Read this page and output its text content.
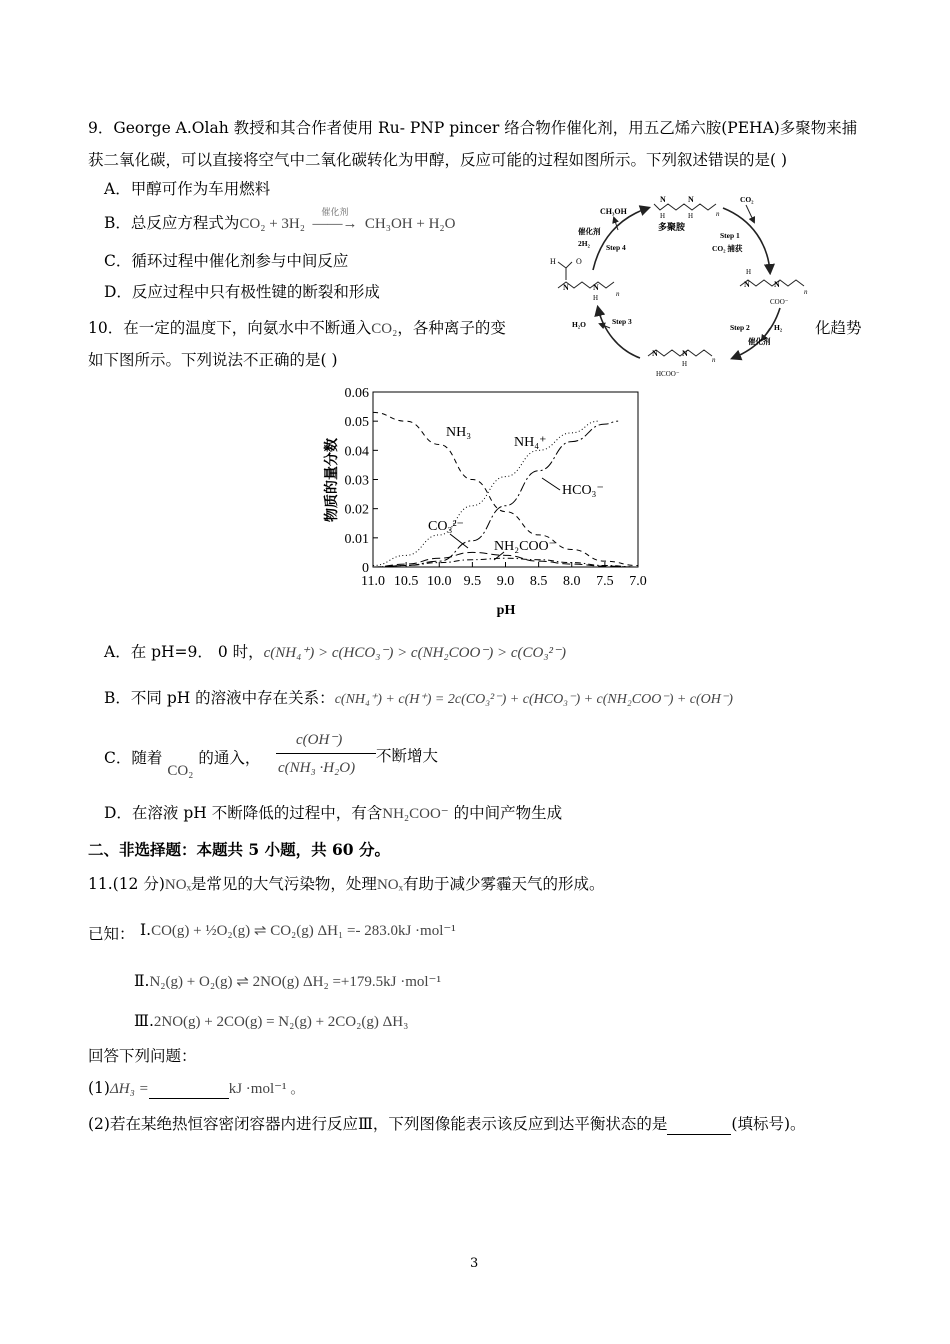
9．George A.Olah 教授和其合作者使用 Ru- PNP pincer 络合物作催化剂，用五乙烯六胺(PEHA)多聚物来捕
获二氧化碳，可以直接将空气中二氧化碳转化为甲醇，反应可能的过程如图所示。下列叙述错误的是( )
A．甲醇可作为车用燃料
B．总反应方程式为CO₂ + 3H₂
催化剂
——→ CH₃OH + H₂O
C．循环过程中催化剂参与中间反应
D．反应过程中只有极性键的断裂和形成
N	N
H	H	n
多聚胺
CH₃OH
催化剂
2H₂ Step 4
CO₂
Step 1
CO₂ 捕获
H	O
N	N
H	n
H
N	N
COO⁻
n
Step 2	H₂
催化剂
N	N
H	n
HCOO⁻
H₂O	Step 3
10．在一定的温度下，向氨水中不断通入CO₂，各种离子的变	化趋势
如下图所示。下列说法不正确的是( )
0
0.01
0.02
0.03
0.04
0.05
0.06
11.0 10.5 10.0 9.5 9.0 8.5 8.0 7.5 7.0
物质的量分数
pH
NH₃
NH₄⁺
HCO₃⁻
CO₃²⁻
NH₂COO⁻
A．在 pH=9． 0 时，c(NH₄⁺) > c(HCO₃⁻) > c(NH₂COO⁻) > c(CO₃²⁻)
B．不同 pH 的溶液中存在关系：c(NH₄⁺) + c(H⁺) = 2c(CO₃²⁻) + c(HCO₃⁻) + c(NH₂COO⁻) + c(OH⁻)
C．随着 CO₂ 的通入，
c(OH⁻)
c(NH₃ ·H₂O)
不断增大
D．在溶液 pH 不断降低的过程中，有含NH₂COO⁻ 的中间产物生成
二、非选择题：本题共 5 小题，共 60 分。
11.(12 分)NOₓ是常见的大气污染物，处理NOₓ有助于减少雾霾天气的形成。
已知： Ⅰ.CO(g) + ½O₂(g) ⇌ CO₂(g) ΔH₁ =- 283.0kJ ·mol⁻¹
Ⅱ.N₂(g) + O₂(g) ⇌ 2NO(g) ΔH₂ =+179.5kJ ·mol⁻¹
Ⅲ.2NO(g) + 2CO(g) = N₂(g) + 2CO₂(g) ΔH₃
回答下列问题：
(1)ΔH₃ =	kJ ·mol⁻¹ 。
(2)若在某绝热恒容密闭容器内进行反应Ⅲ，下列图像能表示该反应到达平衡状态的是	(填标号)。
3
